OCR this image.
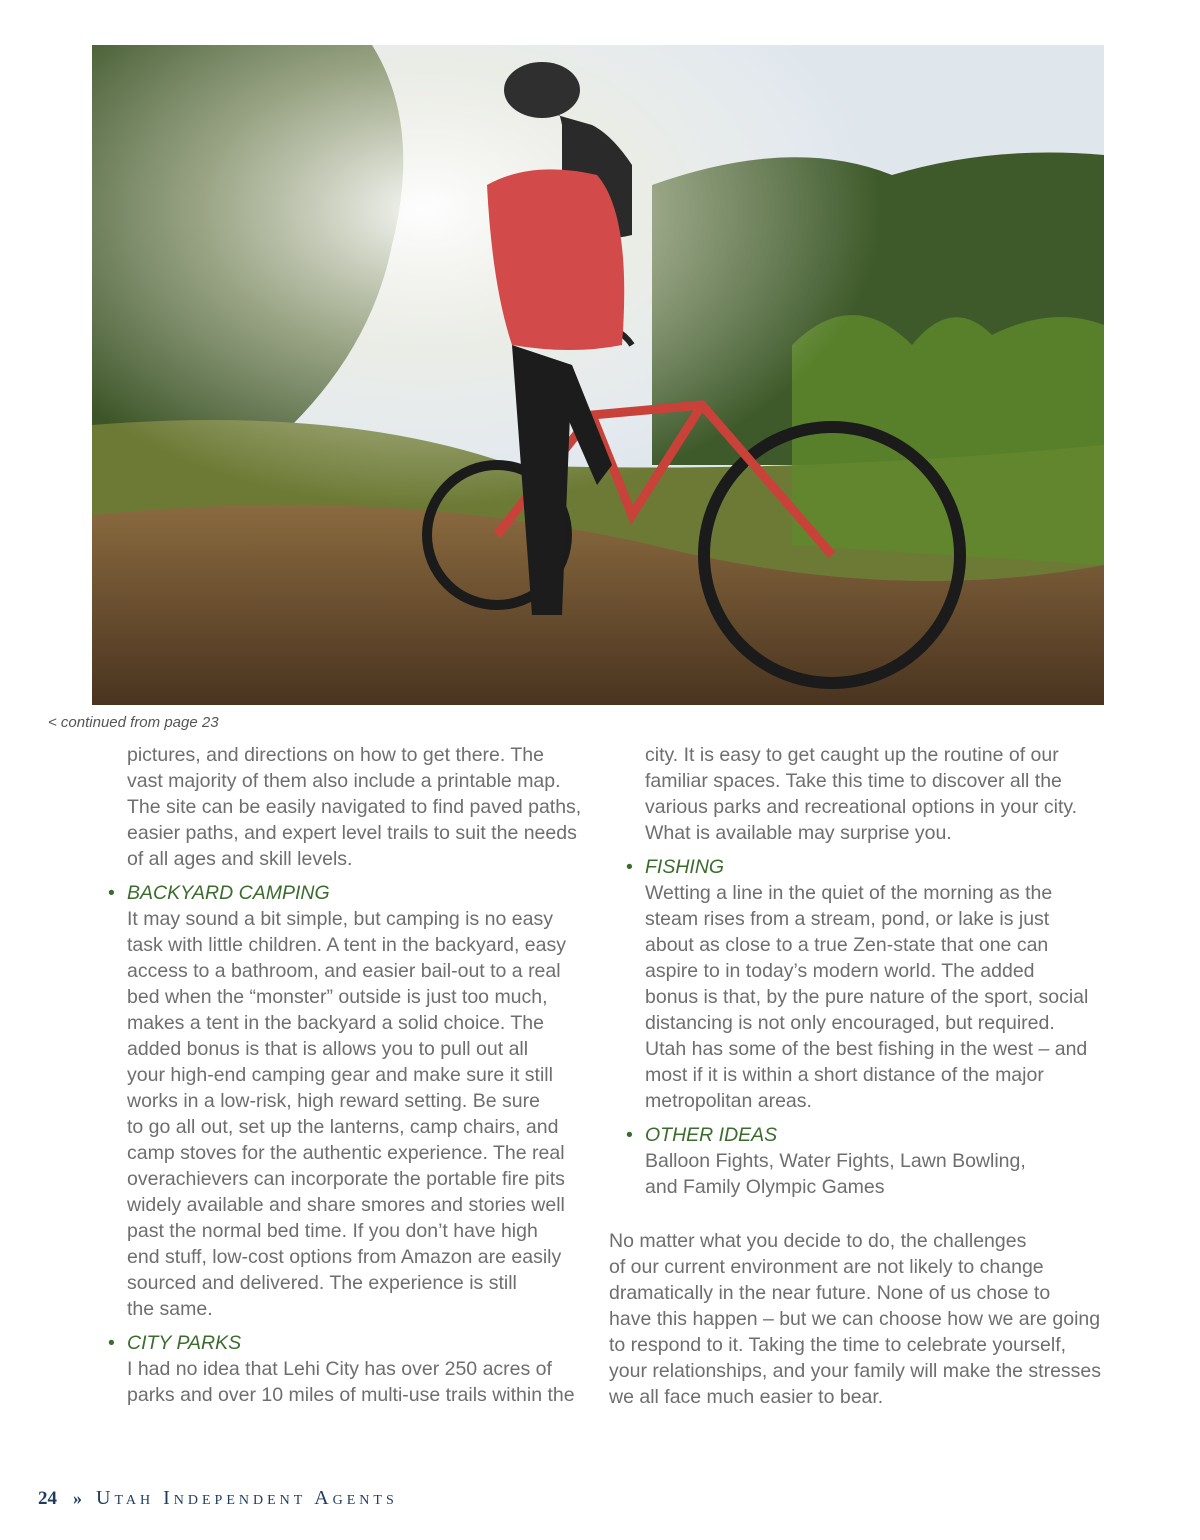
< continued from page 23
pictures, and directions on how to get there. The
vast majority of them also include a printable map.
The site can be easily navigated to find paved paths,
easier paths, and expert level trails to suit the needs
of all ages and skill levels.
• BACKYARD CAMPING
It may sound a bit simple, but camping is no easy
task with little children. A tent in the backyard, easy
access to a bathroom, and easier bail-out to a real
bed when the “monster” outside is just too much,
makes a tent in the backyard a solid choice. The
added bonus is that is allows you to pull out all
your high-end camping gear and make sure it still
works in a low-risk, high reward setting. Be sure
to go all out, set up the lanterns, camp chairs, and
camp stoves for the authentic experience. The real
overachievers can incorporate the portable fire pits
widely available and share smores and stories well
past the normal bed time. If you don’t have high
end stuff, low-cost options from Amazon are easily
sourced and delivered. The experience is still
the same.
• CITY PARKS
I had no idea that Lehi City has over 250 acres of
parks and over 10 miles of multi-use trails within the
city. It is easy to get caught up the routine of our
familiar spaces. Take this time to discover all the
various parks and recreational options in your city.
What is available may surprise you.
• FISHING
Wetting a line in the quiet of the morning as the
steam rises from a stream, pond, or lake is just
about as close to a true Zen-state that one can
aspire to in today’s modern world. The added
bonus is that, by the pure nature of the sport, social
distancing is not only encouraged, but required.
Utah has some of the best fishing in the west – and
most if it is within a short distance of the major
metropolitan areas.
• OTHER IDEAS
Balloon Fights, Water Fights, Lawn Bowling,
and Family Olympic Games
No matter what you decide to do, the challenges
of our current environment are not likely to change
dramatically in the near future. None of us chose to
have this happen – but we can choose how we are going
to respond to it. Taking the time to celebrate yourself,
your relationships, and your family will make the stresses
we all face much easier to bear.
24 » Utah Independent Agents
